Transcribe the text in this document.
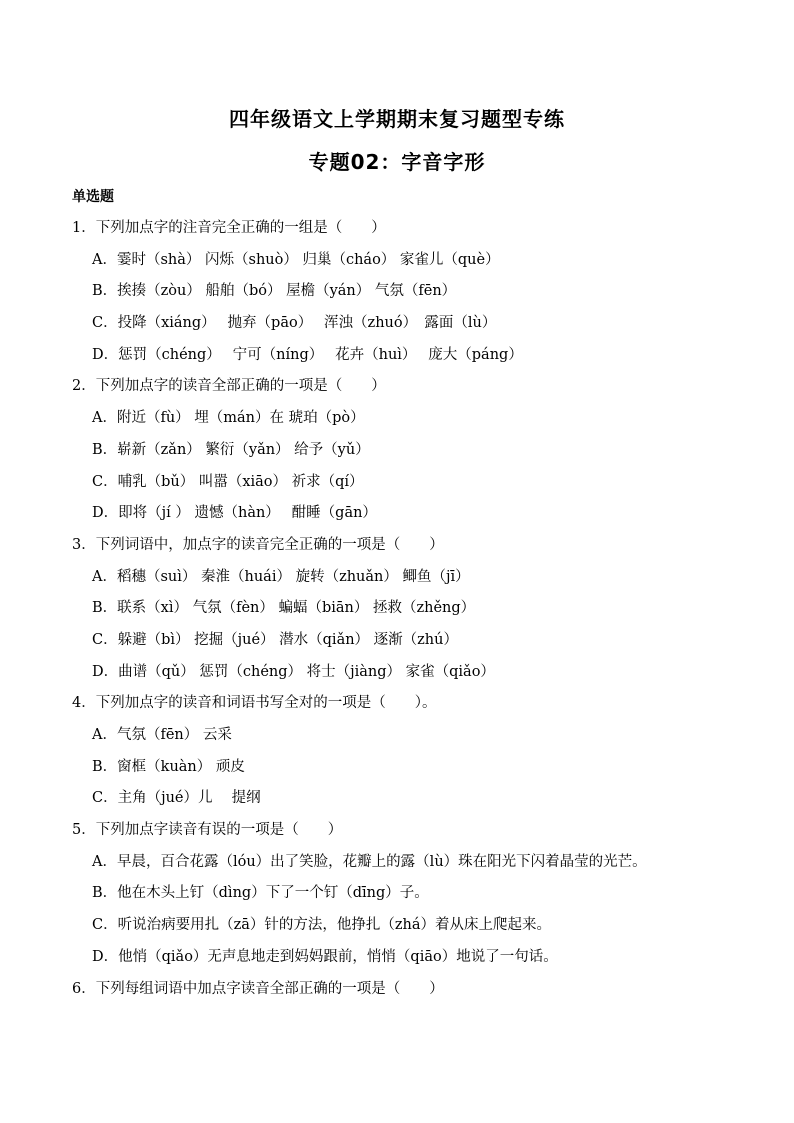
四年级语文上学期期末复习题型专练
专题02：字音字形
单选题
1．下列加点字的注音完全正确的一组是（　　）
A．霎时（shà） 闪烁（shuò） 归巢（cháo） 家雀儿（què）
B．挨揍（zòu） 船舶（bó） 屋檐（yán） 气氛（fēn）
C．投降（xiáng）　 抛弃（pāo）　 浑浊（zhuó）　露面（lù）
D．惩罚（chéng）　 宁可（níng）　 花卉（huì）　 庞大（páng）
2．下列加点字的读音全部正确的一项是（　　）
A．附近（fù） 埋（mán）在 琥珀（pò）
B．崭新（zǎn） 繁衍（yǎn） 给予（yǔ）
C．哺乳（bǔ） 叫嚣（xiāo） 祈求（qí）
D．即将（jí ） 遗憾（hàn）　 酣睡（gān）
3．下列词语中，加点字的读音完全正确的一项是（　　）
A．稻穗（suì） 秦淮（huái） 旋转（zhuǎn） 鲫鱼（jī）
B．联系（xì） 气氛（fèn） 蝙蝠（biān） 拯救（zhěng）
C．躲避（bì） 挖掘（jué） 潜水（qiǎn） 逐渐（zhú）
D．曲谱（qǔ） 惩罚（chéng） 将士（jiàng） 家雀（qiǎo）
4．下列加点字的读音和词语书写全对的一项是（　　）。
A．气氛（fēn） 云采
B．窗框（kuàn） 顽皮
C．主角（jué）儿　 提纲
5．下列加点字读音有误的一项是（　　）
A．早晨，百合花露（lóu）出了笑脸，花瓣上的露（lù）珠在阳光下闪着晶莹的光芒。
B．他在木头上钉（dìng）下了一个钉（dīng）子。
C．听说治病要用扎（zā）针的方法，他挣扎（zhá）着从床上爬起来。
D．他悄（qiǎo）无声息地走到妈妈跟前，悄悄（qiāo）地说了一句话。
6．下列每组词语中加点字读音全部正确的一项是（　　）
